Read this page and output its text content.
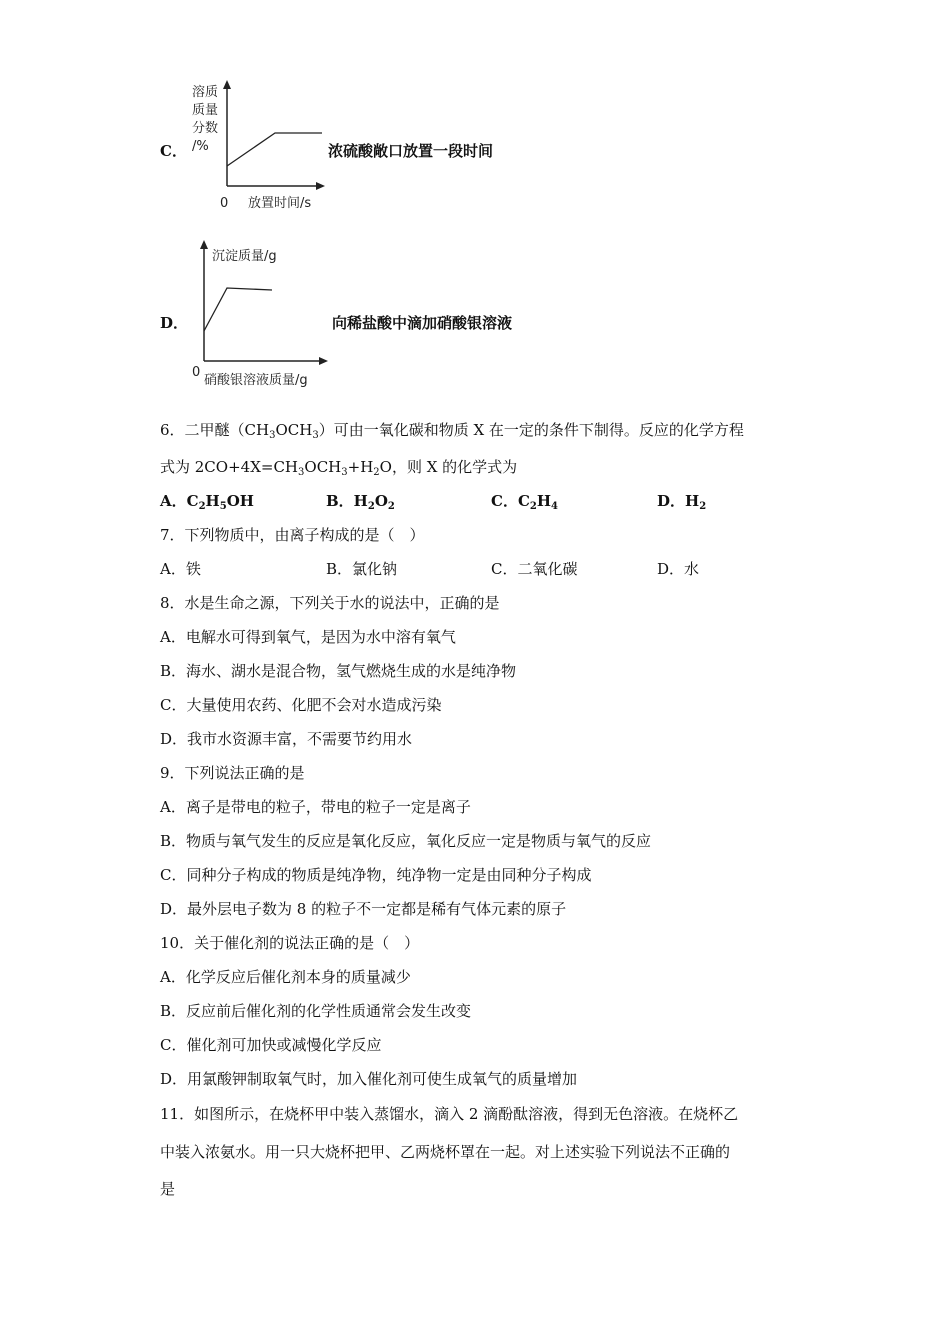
C．
溶质
质量
分数
/%
0 放置时间/s
浓硫酸敞口放置一段时间
D．
沉淀质量/g
0
硝酸银溶液质量/g
向稀盐酸中滴加硝酸银溶液
6．二甲醚$(CH_3OCH_3)$可由一氧化碳和物质 X 在一定的条件下制得。反应的化学方程
式为 $2CO+4X=CH_3OCH_3+H_2O$，则 X 的化学式为
A．$C_2H_5OH$	B．$H_2O_2$	C．$C_2H_4$	D．$H_2$
7．下列物质中，由离子构成的是（　）
A．铁	B．氯化钠	C．二氧化碳	D．水
8．水是生命之源，下列关于水的说法中，正确的是
A．电解水可得到氧气，是因为水中溶有氧气
B．海水、湖水是混合物，氢气燃烧生成的水是纯净物
C．大量使用农药、化肥不会对水造成污染
D．我市水资源丰富，不需要节约用水
9．下列说法正确的是
A．离子是带电的粒子，带电的粒子一定是离子
B．物质与氧气发生的反应是氧化反应，氧化反应一定是物质与氧气的反应
C．同种分子构成的物质是纯净物，纯净物一定是由同种分子构成
D．最外层电子数为 8 的粒子不一定都是稀有气体元素的原子
10．关于催化剂的说法正确的是（　）
A．化学反应后催化剂本身的质量减少
B．反应前后催化剂的化学性质通常会发生改变
C．催化剂可加快或减慢化学反应
D．用氯酸钾制取氧气时，加入催化剂可使生成氧气的质量增加
11．如图所示，在烧杯甲中装入蒸馏水，滴入 2 滴酚酞溶液，得到无色溶液。在烧杯乙
中装入浓氨水。用一只大烧杯把甲、乙两烧杯罩在一起。对上述实验下列说法不正确的
是
